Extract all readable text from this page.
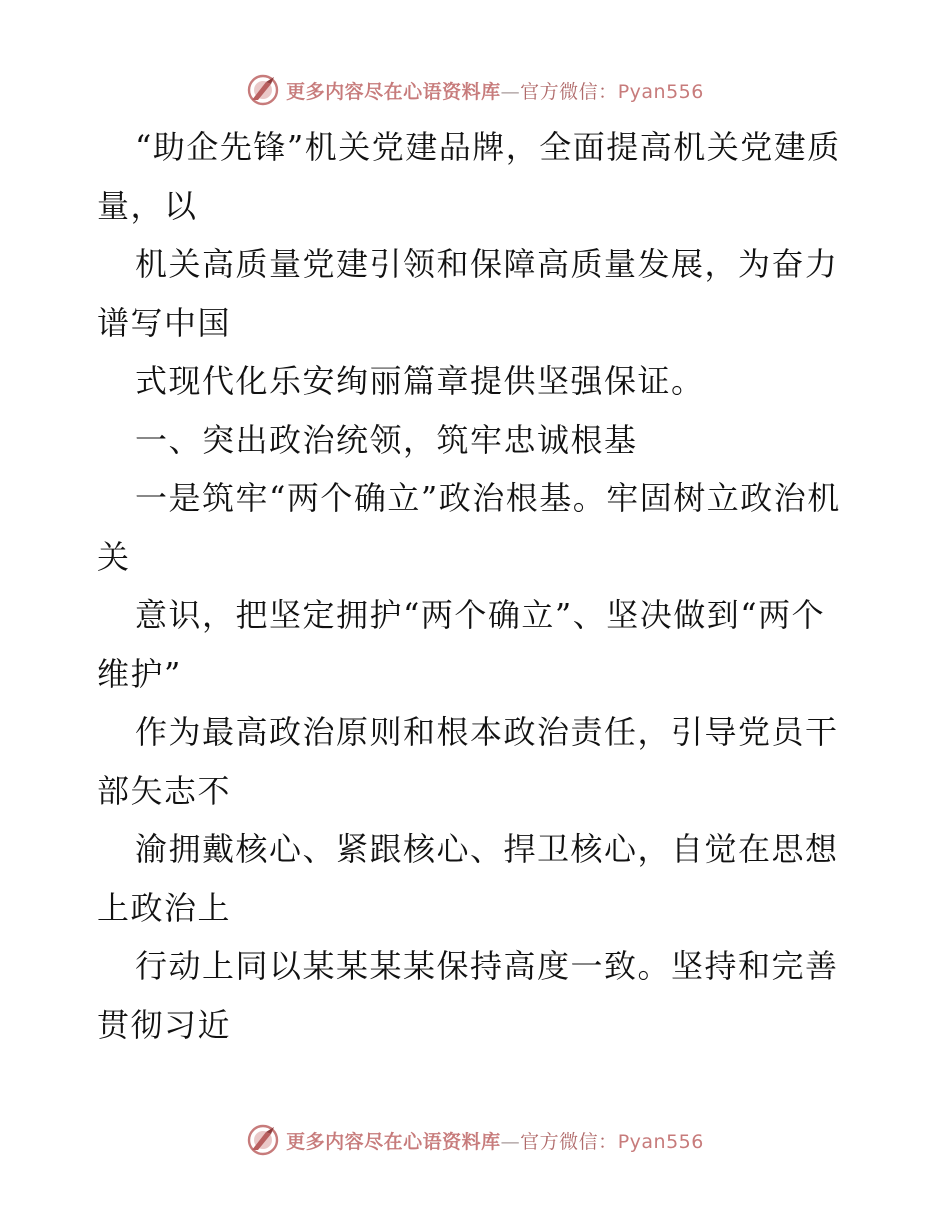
更多内容尽在心语资料库—官方微信：Pyan556

“助企先锋”机关党建品牌，全面提高机关党建质量，以

机关高质量党建引领和保障高质量发展，为奋力谱写中国

式现代化乐安绚丽篇章提供坚强保证。

一、突出政治统领，筑牢忠诚根基

一是筑牢“两个确立”政治根基。牢固树立政治机关

意识，把坚定拥护“两个确立”、坚决做到“两个维护”

作为最高政治原则和根本政治责任，引导党员干部矢志不

渝拥戴核心、紧跟核心、捍卫核心，自觉在思想上政治上

行动上同以某某某某保持高度一致。坚持和完善贯彻习近

更多内容尽在心语资料库—官方微信：Pyan556
